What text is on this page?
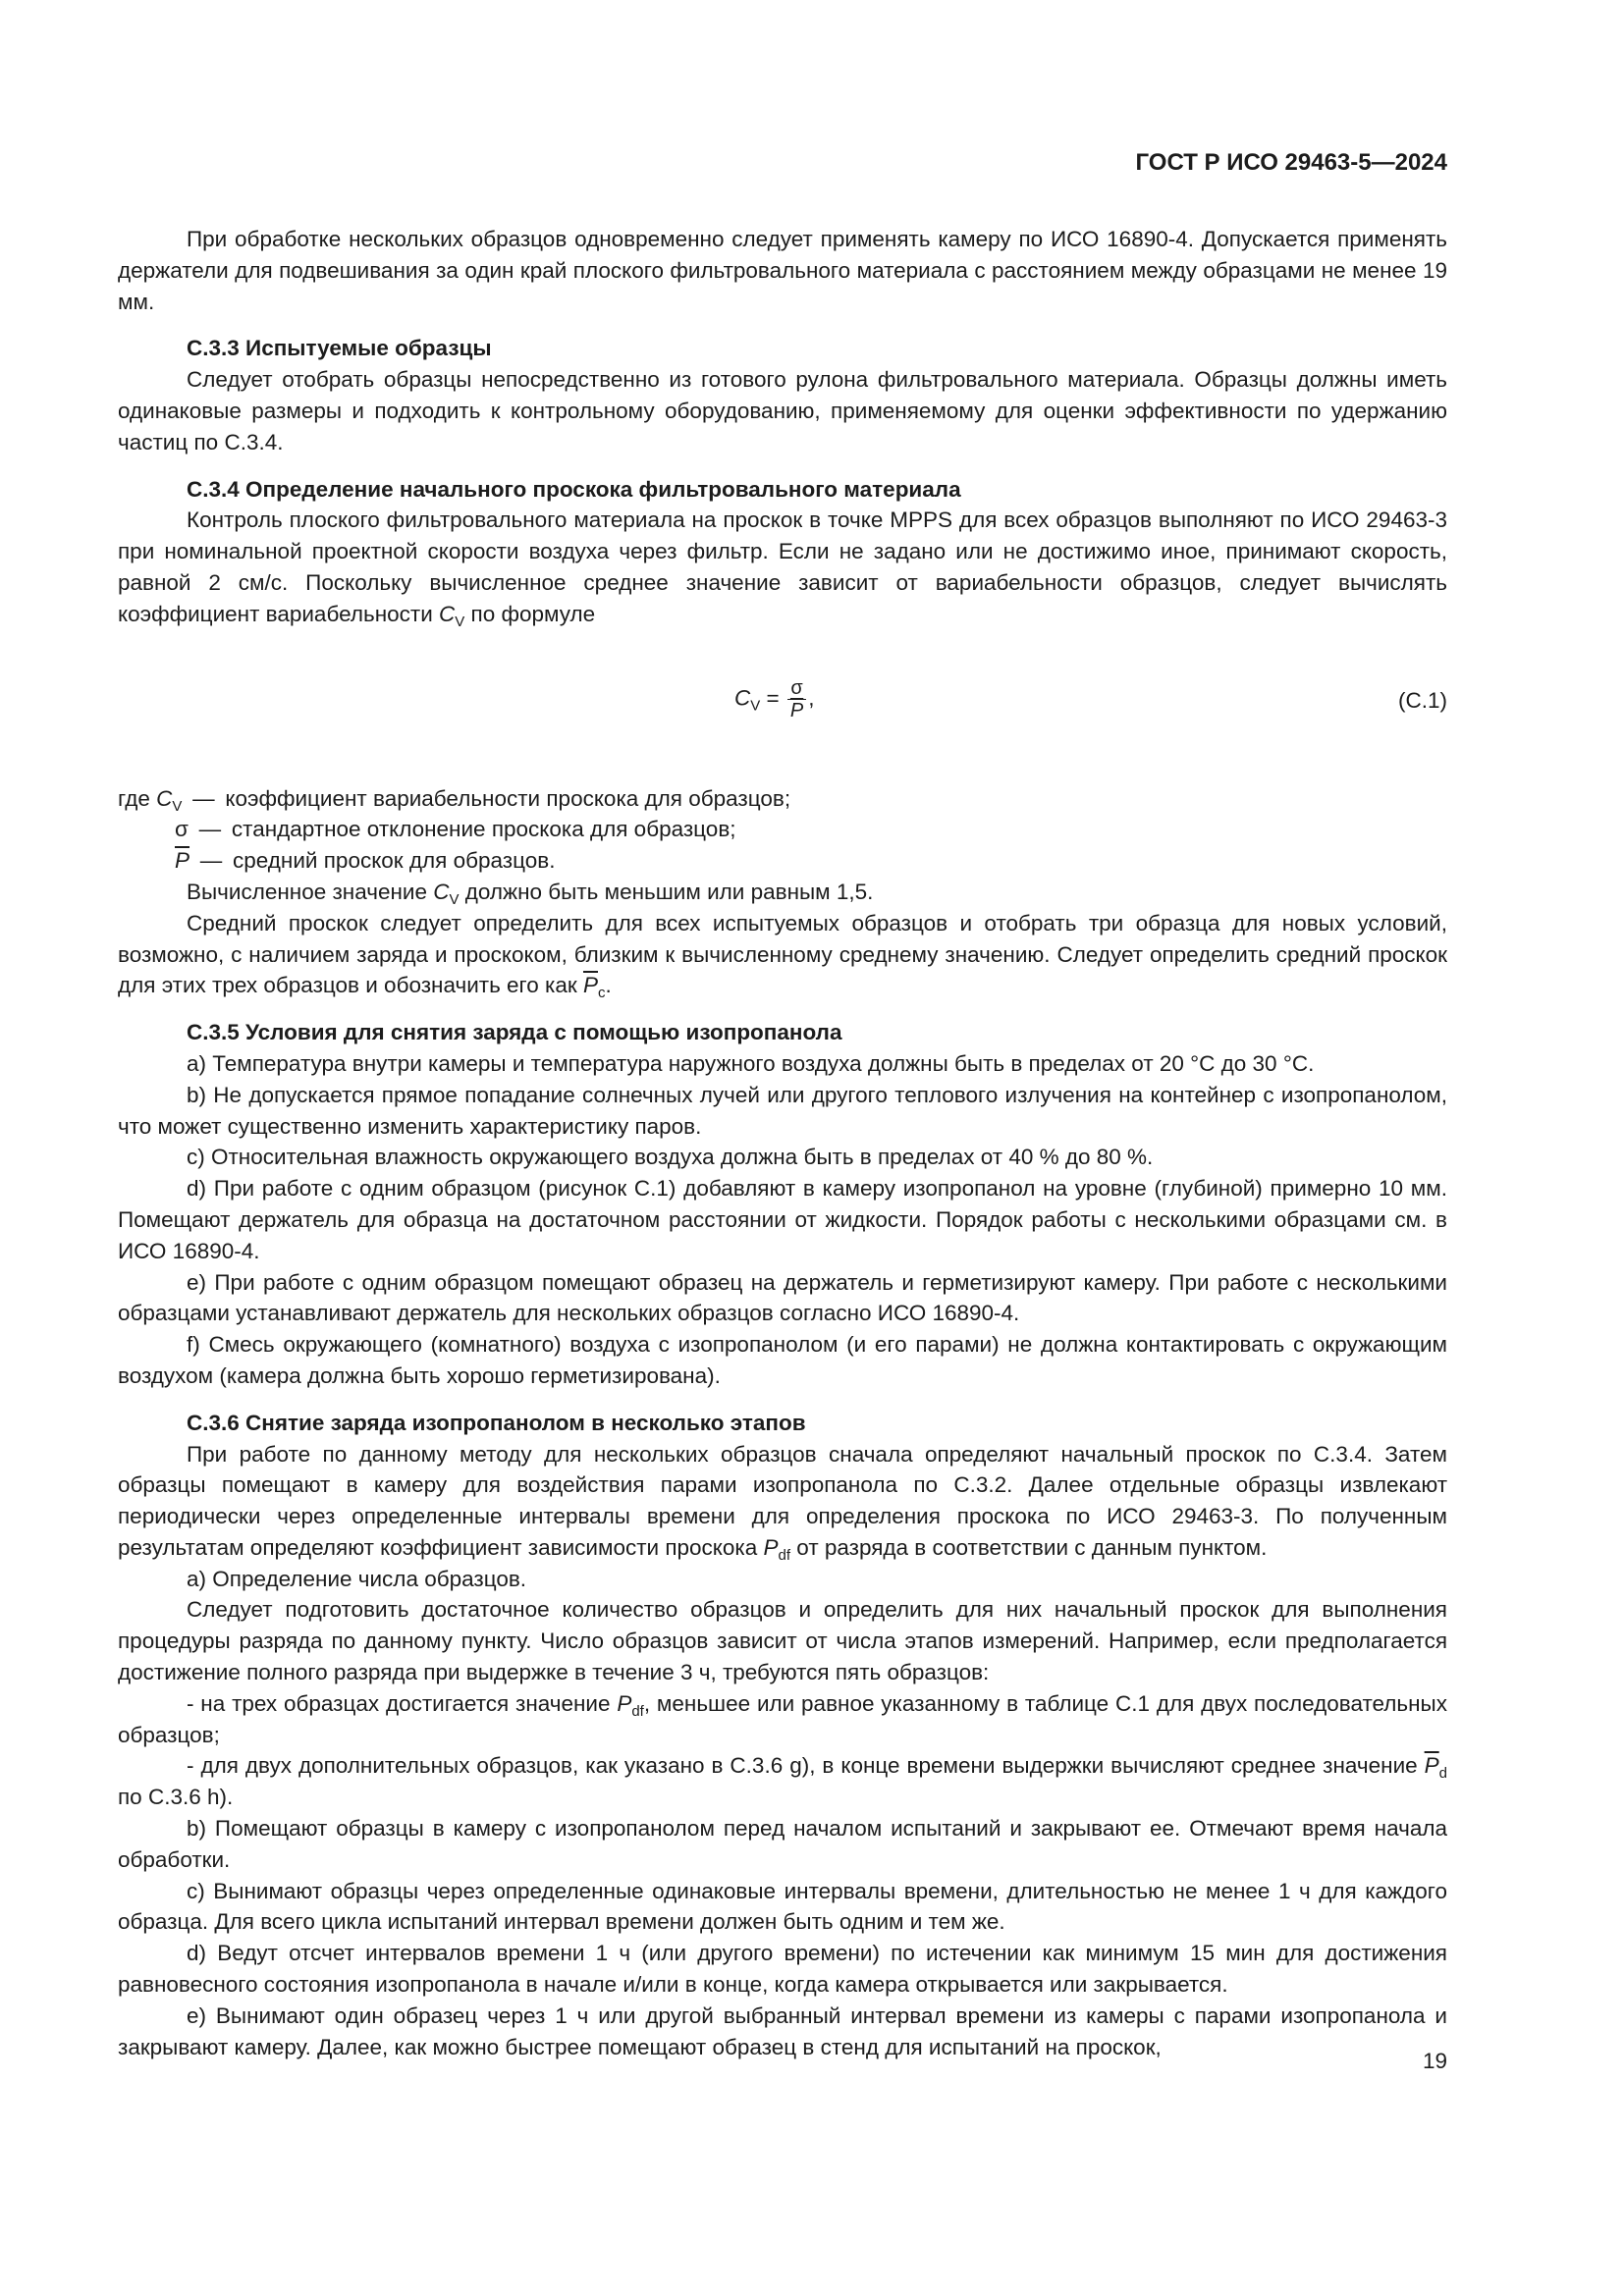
ГОСТ Р ИСО 29463-5—2024

При обработке нескольких образцов одновременно следует применять камеру по ИСО 16890-4. Допускается применять держатели для подвешивания за один край плоского фильтровального материала с расстоянием между образцами не менее 19 мм.

С.3.3 Испытуемые образцы

Следует отобрать образцы непосредственно из готового рулона фильтровального материала. Образцы должны иметь одинаковые размеры и подходить к контрольному оборудованию, применяемому для оценки эффективности по удержанию частиц по С.3.4.

С.3.4 Определение начального проскока фильтровального материала

Контроль плоского фильтровального материала на проскок в точке MPPS для всех образцов выполняют по ИСО 29463-3 при номинальной проектной скорости воздуха через фильтр. Если не задано или не достижимо иное, принимают скорость, равной 2 см/с. Поскольку вычисленное среднее значение зависит от вариабельности образцов, следует вычислять коэффициент вариабельности $C_V$ по формуле

$C_V = \frac{\sigma}{P}$ ,	(С.1)

где $C_V$ — коэффициент вариабельности проскока для образцов;

σ — стандартное отклонение проскока для образцов;

$\overline{P}$ — средний проскок для образцов.

Вычисленное значение $C_V$ должно быть меньшим или равным 1,5.

Средний проскок следует определить для всех испытуемых образцов и отобрать три образца для новых условий, возможно, с наличием заряда и проскоком, близким к вычисленному среднему значению. Следует определить средний проскок для этих трех образцов и обозначить его как $\overline{P}_c$.

С.3.5 Условия для снятия заряда с помощью изопропанола

а) Температура внутри камеры и температура наружного воздуха должны быть в пределах от 20 °С до 30 °С.

b) Не допускается прямое попадание солнечных лучей или другого теплового излучения на контейнер с изопропанолом, что может существенно изменить характеристику паров.

с) Относительная влажность окружающего воздуха должна быть в пределах от 40 % до 80 %.

d) При работе с одним образцом (рисунок С.1) добавляют в камеру изопропанол на уровне (глубиной) примерно 10 мм. Помещают держатель для образца на достаточном расстоянии от жидкости. Порядок работы с несколькими образцами см. в ИСО 16890-4.

е) При работе с одним образцом помещают образец на держатель и герметизируют камеру. При работе с несколькими образцами устанавливают держатель для нескольких образцов согласно ИСО 16890-4.

f) Смесь окружающего (комнатного) воздуха с изопропанолом (и его парами) не должна контактировать с окружающим воздухом (камера должна быть хорошо герметизирована).

С.3.6 Снятие заряда изопропанолом в несколько этапов

При работе по данному методу для нескольких образцов сначала определяют начальный проскок по С.3.4. Затем образцы помещают в камеру для воздействия парами изопропанола по С.3.2. Далее отдельные образцы извлекают периодически через определенные интервалы времени для определения проскока по ИСО 29463-3. По полученным результатам определяют коэффициент зависимости проскока $P_{df}$ от разряда в соответствии с данным пунктом.

а) Определение числа образцов.

Следует подготовить достаточное количество образцов и определить для них начальный проскок для выполнения процедуры разряда по данному пункту. Число образцов зависит от числа этапов измерений. Например, если предполагается достижение полного разряда при выдержке в течение 3 ч, требуются пять образцов:

- на трех образцах достигается значение $P_{df}$, меньшее или равное указанному в таблице С.1 для двух последовательных образцов;

- для двух дополнительных образцов, как указано в С.3.6 g), в конце времени выдержки вычисляют среднее значение $\overline{P}_d$ по С.3.6 h).

b) Помещают образцы в камеру с изопропанолом перед началом испытаний и закрывают ее. Отмечают время начала обработки.

с) Вынимают образцы через определенные одинаковые интервалы времени, длительностью не менее 1 ч для каждого образца. Для всего цикла испытаний интервал времени должен быть одним и тем же.

d) Ведут отсчет интервалов времени 1 ч (или другого времени) по истечении как минимум 15 мин для достижения равновесного состояния изопропанола в начале и/или в конце, когда камера открывается или закрывается.

е) Вынимают один образец через 1 ч или другой выбранный интервал времени из камеры с парами изопропанола и закрывают камеру. Далее, как можно быстрее помещают образец в стенд для испытаний на проскок,

19
